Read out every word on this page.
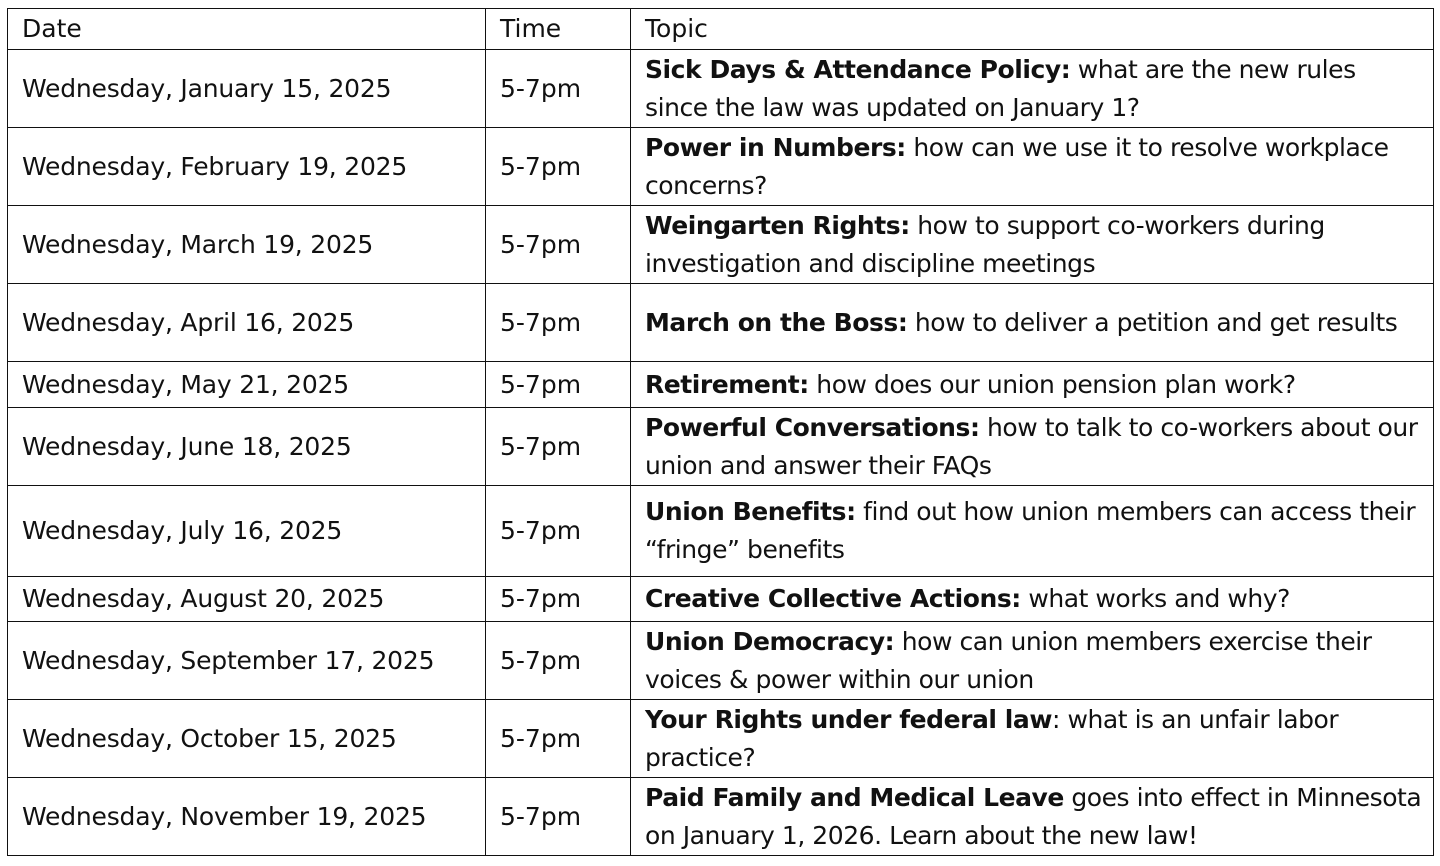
Date	Time	Topic
Wednesday, January 15, 2025	5-7pm	Sick Days & Attendance Policy: what are the new rules since the law was updated on January 1?
Wednesday, February 19, 2025	5-7pm	Power in Numbers: how can we use it to resolve workplace concerns?
Wednesday, March 19, 2025	5-7pm	Weingarten Rights: how to support co-workers during investigation and discipline meetings
Wednesday, April 16, 2025	5-7pm	March on the Boss: how to deliver a petition and get results
Wednesday, May 21, 2025	5-7pm	Retirement: how does our union pension plan work?
Wednesday, June 18, 2025	5-7pm	Powerful Conversations: how to talk to co-workers about our union and answer their FAQs
Wednesday, July 16, 2025	5-7pm	Union Benefits: find out how union members can access their “fringe” benefits
Wednesday, August 20, 2025	5-7pm	Creative Collective Actions: what works and why?
Wednesday, September 17, 2025	5-7pm	Union Democracy: how can union members exercise their voices & power within our union
Wednesday, October 15, 2025	5-7pm	Your Rights under federal law: what is an unfair labor practice?
Wednesday, November 19, 2025	5-7pm	Paid Family and Medical Leave goes into effect in Minnesota on January 1, 2026. Learn about the new law!
